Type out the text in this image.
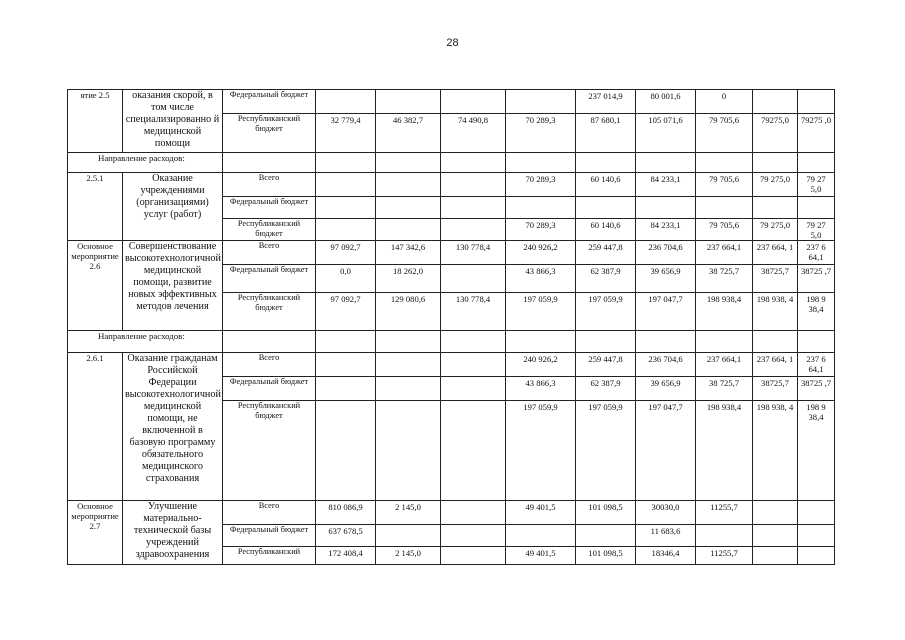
28
ятие 2.5	оказания скорой, в том числе специализированно й медицинской помощи	Федеральный бюджет					237 014,9	80 001,6	0		
		Республиканский бюджет	32 779,4	46 382,7	74 490,8	70 289,3	87 680,1	105 071,6	79 705,6	79275,0	79275 ,0
Направление расходов:											
2.5.1	Оказание учреждениями (организациями) услуг (работ)	Всего				70 289,3	60 140,6	84 233,1	79 705,6	79 275,0	79 27 5,0
		Федеральный бюджет									
		Республиканский бюджет				70 289,3	60 140,6	84 233,1	79 705,6	79 275,0	79 27 5,0
Основное мероприятие 2.6	Совершенствование высокотехнологичной медицинской помощи, развитие новых эффективных методов лечения	Всего	97 092,7	147 342,6	130 778,4	240 926,2	259 447,8	236 704,6	237 664,1	237 664, 1	237 6 64,1
		Федеральный бюджет	0,0	18 262,0		43 866,3	62 387,9	39 656,9	38 725,7	38725,7	38725 ,7
		Республиканский бюджет	97 092,7	129 080,6	130 778,4	197 059,9	197 059,9	197 047,7	198 938,4	198 938, 4	198 9 38,4
Направление расходов:											
2.6.1	Оказание гражданам Российской Федерации высокотехнологичной медицинской помощи, не включенной в базовую программу обязательного медицинского страхования	Всего				240 926,2	259 447,8	236 704,6	237 664,1	237 664, 1	237 6 64,1
		Федеральный бюджет				43 866,3	62 387,9	39 656,9	38 725,7	38725,7	38725 ,7
		Республиканский бюджет				197 059,9	197 059,9	197 047,7	198 938,4	198 938, 4	198 9 38,4
Основное мероприятие 2.7	Улучшение материально-технической базы учреждений здравоохранения	Всего	810 086,9	2 145,0		49 401,5	101 098,5	30030,0	11255,7		
		Федеральный бюджет	637 678,5					11 683,6			
		Республиканский	172 408,4	2 145,0		49 401,5	101 098,5	18346,4	11255,7		
